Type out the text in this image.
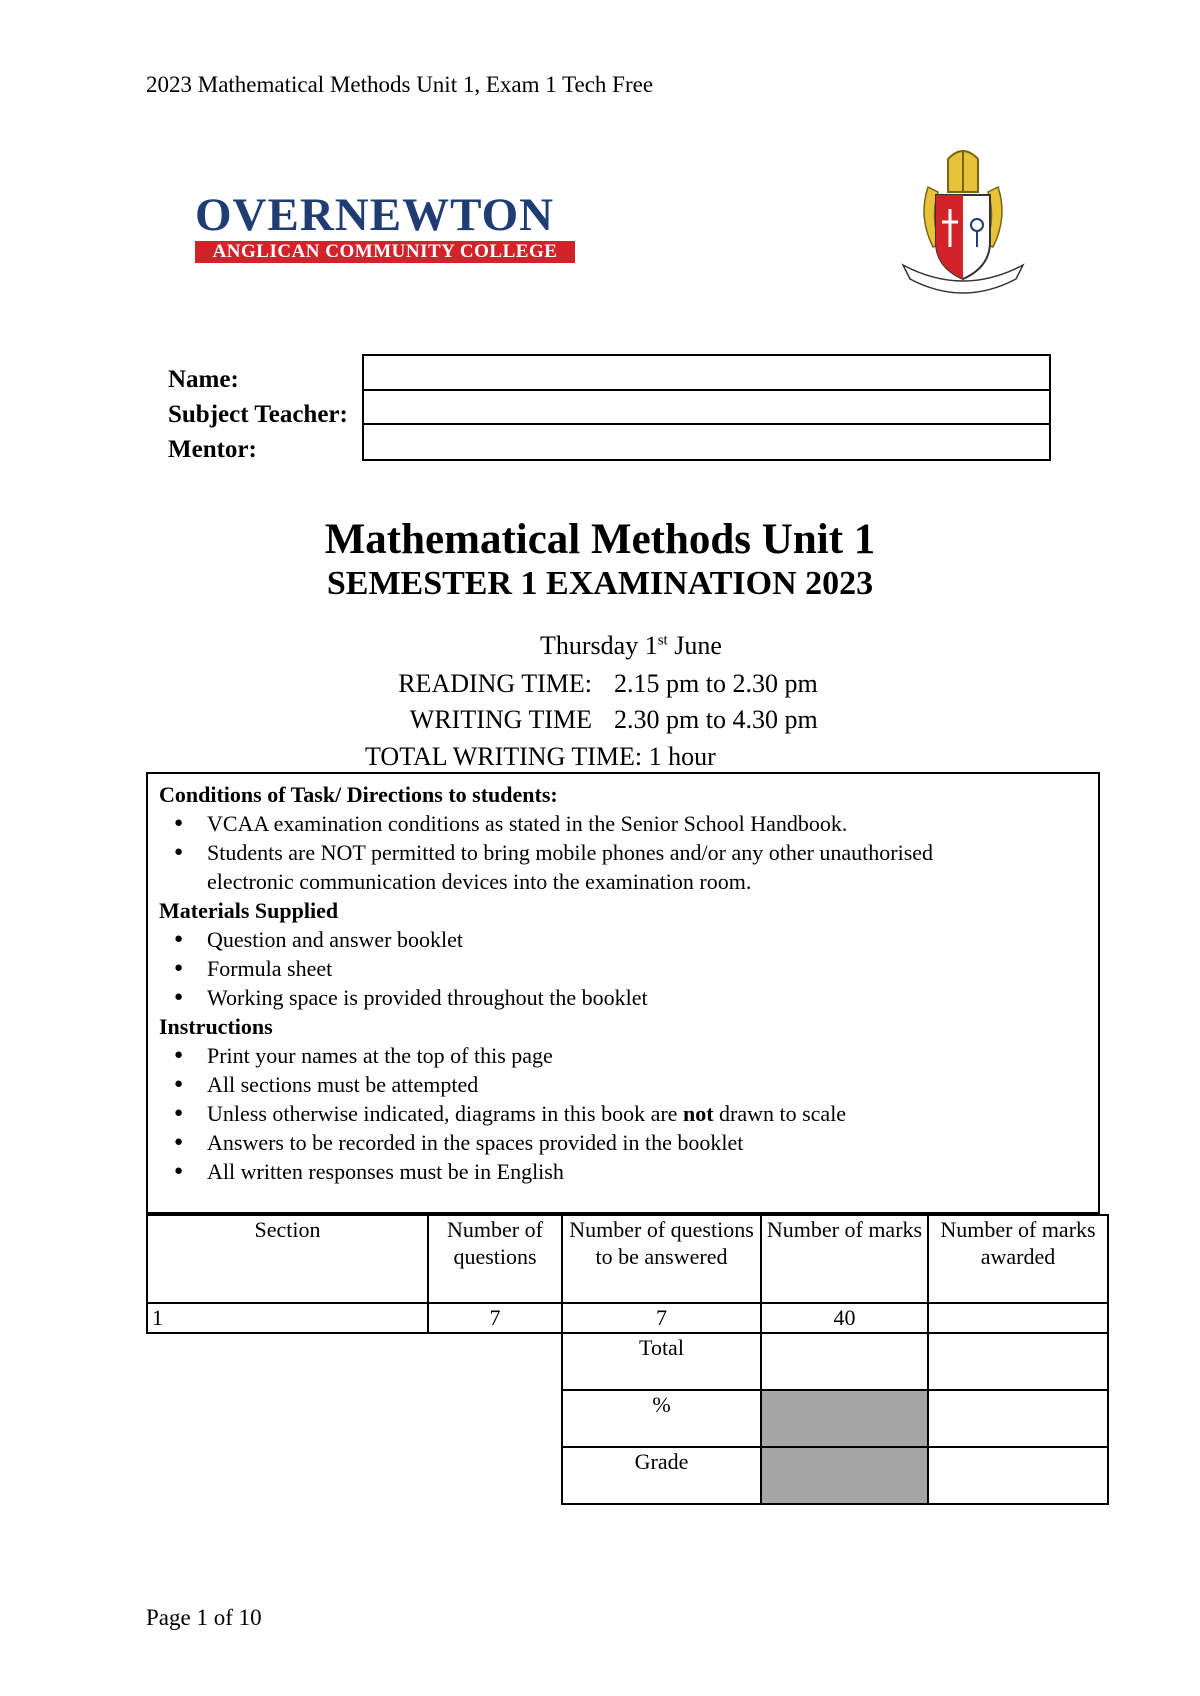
2023 Mathematical Methods Unit 1, Exam 1 Tech Free
OVERNEWTON
ANGLICAN COMMUNITY COLLEGE
Name:
Subject Teacher:
Mentor:
Mathematical Methods Unit 1
SEMESTER 1 EXAMINATION 2023
Thursday 1st June
READING TIME: 2.15 pm to 2.30 pm
WRITING TIME 2.30 pm to 4.30 pm
TOTAL WRITING TIME: 1 hour
Conditions of Task/ Directions to students:
● VCAA examination conditions as stated in the Senior School Handbook.
● Students are NOT permitted to bring mobile phones and/or any other unauthorised
electronic communication devices into the examination room.
Materials Supplied
● Question and answer booklet
● Formula sheet
● Working space is provided throughout the booklet
Instructions
● Print your names at the top of this page
● All sections must be attempted
● Unless otherwise indicated, diagrams in this book are not drawn to scale
● Answers to be recorded in the spaces provided in the booklet
● All written responses must be in English
Section	Number of questions	Number of questions to be answered	Number of marks	Number of marks awarded
1	7	7	40	
		Total		
		%		
		Grade		
Page 1 of 10
